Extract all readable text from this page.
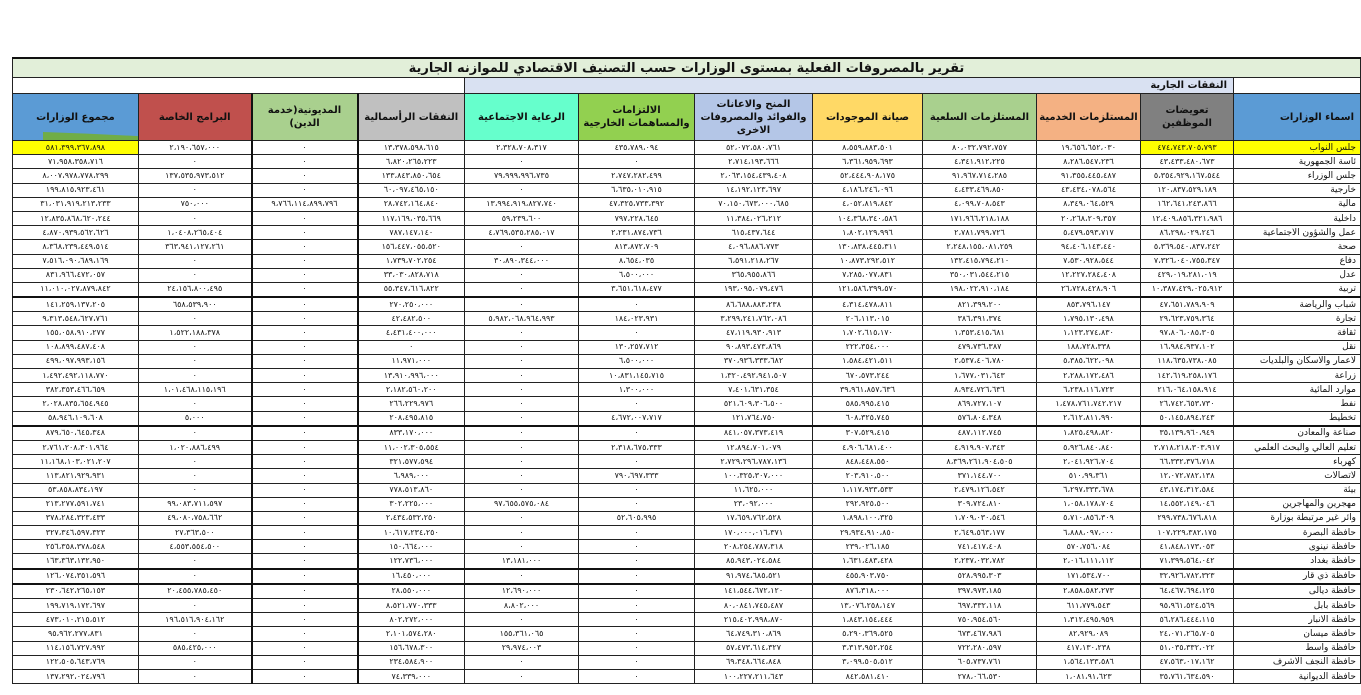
تقرير بالمصروفات الفعلية بمستوى الوزارات حسب التصنيف الاقتصادي للموازنه الجارية											
	النفقات الجارية										
اسماء الوزارات	تعويضات الموظفين	المستلزمات الخدمية	المستلزمات السلعية	صيانة الموجودات	المنح والاعانات والفوائد والمصروفات الاخرى	الالتزامات والمساهمات الخارجية	الرعاية الاجتماعية	النفقات الرأسمالية	المديونية(خدمة الدين)	البرامج الخاصة	مجموع الوزارات

جلس النواب	٤٧٤،٧٤٣،٧٠٥،٧٩٣	١٩،٦٥٦،٦٥٢،٠٣٠	٨٠،٠٣٢،٧٩٢،٧٥٧	٨،٥٥٩،٨٨٣،٥٠١	٥٢،٠٧٢،٥٨٠،٧٦١	٤٣٥،٧٨٩،٠٩٤	٢،٣٢٨،٧٠٨،٣١٧	١٣،٣٧٨،٥٩٨،٦١٥	٠	٢،١٩٠،٦٥٧،٠٠٠	٥٨١،٣٩٩،٣٦٧،٨٩٨
ئاسة الجمهورية	٤٣،٤٣٣،٤٨٠،٦٧٣	٨،٢٨٦،٥٤٧،٢٣٦	٤،٣٤١،٩١٢،٢٢٥	٦،٣٦١،٩٥٩،٦٩٣	٢،٧١٤،١٩٣،٦٦٦	٠	٠	٦،٨٢٠،٢٦٥،٢٢٣	٠	٠	٧١،٩٥٨،٣٥٨،٧١٦
جلس الوزراء	٥،٣٥٤،٩٢٩،١٦٧،٥٤٤	٩١،٣٥٥،٤٤٥،٤٨٧	٩١،٩٦٧،٧١٤،٢٨٥	٥٢،٤٤٤،٩٠٨،١٧٥	٢،٠٦٣،١٥٤،٤٣٩،٤٠٨	٢،٧٤٧،٢٨٢،٤٩٩	٧٩،٩٩٩،٩٩٦،٧٣٥	١٣٣،٨٤٣،٨٥٠،٦٥٤	٠	١٣٧،٥٣٥،٩٧٣،٥١٢	٨،٠٠٧،٩٧٨،٧٧٨،٢٩٩
خارجية	١٢٠،٨٣٧،٥٢٩،١٨٩	٤٣،٤٣٤،٠٧٨،٥٦٤	٤،٤٣٣،٤٦٩،٨٥٠	٤،١٨٦،٢٤٦،٠٩٦	١٤،١٩٢،١٢٣،٦٩٧	٦،٦٣٥،٠١٠،٩١٥	٠	٦٠،٠٩٧،٤٦٥،١٥٠	٠	٠	١٩٩،٨١٥،٩٢٣،٤٦١
مالية	١٦٢،٦٤١،٢٤٣،٨٦٦	٨،٣٤٩،٠٦٤،٥٢٩	٤،٠٩٩،٧٠٨،٥٤٣	٤،٠٥٢،٨١٩،٨٤٢	٧٠،١٥٠،٦٧٣،٠٠٠،٦٨٥	٤٧،٣٢٥،٧٣٣،٣٩٢	١٣،٩٩٤،٩١٩،٨٢٧،٧٤٠	٢٨،٧٤٢،١٦٤،٨٤٠	٩،٧٦٦،١١٤،٨٩٩،٧٩٦	٧٥٠،٠٠٠	٣١،٠٣١،٩١٩،٢١٣،٢٣٣
داخلية	١٢،٤٠٩،٨٥٦،٣٢١،٩٨٦	٢٠،٢٦٨،٢٠٩،٣٥٧	١٧١،٩٦٦،٢١٨،١٨٨	١٠٤،٣٦٨،٣٤٠،٥٨٦	١١،٣٨٤،٠٢٦،٢١٢	٧٩٧،٢٢٨،٦٤٥	٥٩،٢٣٩،٦٠٠	١١٧،١٦٩،٠٣٥،٦٦٩	٠	٠	١٢،٨٣٥،٨٦٨،٦٢٠،٢٤٤
عمل والشؤون الاجتماعية	٨٦،٢٩٨،٠٢٩،٢٤٦	٥،٤٧٩،٥٩٣،٧١٧	٢،٧٨١،٧٩٩،٧٢٦	١،٨٠٢،١٢٩،٩٩٦	٦١٥،٤٣٧،٦٤٤	٢،٢٣١،٨٧٤،٧٣٦	٤،٧٦٩،٥٣٥،٢٨٥،٠١٧	٧٨٧،١٤٧،١٤٠	٠	١،٠٤٠٨،٢٦٥،٤٠٤	٤،٨٧٠،٩٣٩،٥٦٢،٦٢٦
صحة	٥،٣٦٩،٥٤٠،٨٣٧،٢٤٢	٩٤،٤٠٦،١٤٣،٤٤٠	٢،٢٤٨،١٥٥،٠٨١،٢٥٩	١٣٠،٨٣٨،٤٤٥،٣١١	٤،٠٩٦،٨٨٦،٧٧٣	٨١٣،٨٧٢،٧٠٩	٠	١٥٦،٤٤٧،٠٥٥،٥٢٠	٠	٣٦٣،٩٤١،١٢٧،٢٦١	٨،٣٦٨،٢٣٩،٤٤٩،٥١٤
دفاع	٧،٣٢٦،٠٤٠،٧٥٥،٣٤٧	٧،٥٣٠،٩٢٨،٥٤٤	١٣٢،٤١٥،٧٩٤،٢١٠	١٠،٨٧٣،٢٩٢،٥١٢	٦،٥٩١،٢١٨،٢٦٧	٨،٦٥٤،٠٣٥	٣٠،٨٩٠،٣٤٤،٠٠٠	١،٧٣٩،٧٠٢،٢٥٤	٠	٠	٧،٥١٦،٠٩٠،٦٨٩،١٦٩
عدل	٤٢٩،٠١٩،٢٨١،٠١٩	١٢،٢٢٧،٢٨٤،٤٠٨	٣٥٠،٠٣١،٥٤٤،٢١٥	٧،٢٨٥،٠٧٧،٨٣١	٣٦٥،٩٥٥،٨٦٦	٦،٥٠٠،٠٠٠	٠	٣٣،٠٣٠،٨٢٨،٧١٨	٠	٠	٨٣١،٩٦٦،٤٧٢،٠٥٧
تربية	١٠،٣٨٧،٤٢٩،٠٢٥،٩١٢	٢٦،٧٢٨،٤٢٨،٩٠٦	١٩٨،٠٢٢،٩١٠،١٨٤	١٢١،٥٨٦،٣٩٩،٥٧٠	١٩٣،٠٩٥،٠٧٩،٤٧٦	٣،٦٥١،٦١٨،٤٧٧	٠	٥٥،٣٤٧،٦١٦،٨٢٢	٠	٢٤،١٥٦،٨٠٠،٤٩٥	١١،٠١٠،٠٢٧،٨٧٩،٨٤٢
شباب والرياضة	٤٧،٦٥١،٧٨٩،٩٠٩	٨٥٣،٧٩٦،١٤٧	٨٢١،٣٩٩،٢٠٠	٤،٣١٤،٤٧٨،٨١١	٨٦،٦٨٨،٨٨٣،٢٣٨	٠	٠	٢٧٠،٢٥٠،٠٠٠	٠	٦٥٨،٥٣٩،٩٠٠	١٤١،٢٥٩،١٣٧،٢٠٥
تجارة	٢٩،٦٢٣،٧٥٩،٣٦٤	١،٧٩٥،١٣٠،٤٩٨	٣٨٦،٣٩١،٣٧٤	٢٠٦،١١٣،٠١٥	٣،٢٩٩،٢٤١،٧٦٢،٠٨٦	١٨٤،٠٢٣،٩٣١	٥،٩٨٢،٠٦٨،٩٦٤،٩٩٣	٤٢،٤٨٢،٥٠٠	٠	٠	٩،٣١٣،٥٤٨،٦٢٧،٧٦١
ثقافة	٩٧،٨٠٦،٠٨٥،٣٠٥	١،١٢٣،٢٧٤،٨٣٠	١،٣٥٣،٤١٥،٦٨١	١،٧٠٢،٦١٥،١٧٠	٤٧،١١٩،٩٣٠،٩١٣	٠	٠	٤،٤٣١،٤٠٠،٠٠٠	٠	١،٥٢٢،١٨٨،٣٧٨	١٥٥،٠٥٨،٩١٠،٢٧٧
نقل	١٦،٩٨٤،٩٣٧،١٠٢	١٨٨،٧٢٨،٣٣٨	٤٧٩،٧٣٦،٣٨٧	٢٢٢،٣٥٤،٠٠٠	٩٠،٨٩٣،٤٧٣،٨٦٩	١٣٠،٢٥٧،٧١٢	٠	٠	٠	٠	١٠٨،٨٩٩،٤٨٧،٤٠٨
لاعمار والاسكان والبلديات	١١٨،٦٣٥،٧٣٨،٠٨٥	٥،٣٨٥،٦٢٢،٠٩٨	٢،٥٣٧،٤٠٦،٧٨٠	١،٥٨٤،٤٢١،٥١١	٣٧٠،٩٣٦،٣٣٣،٦٨٢	٦،٥٠٠،٠٠٠	٠	١١،٩٧١،٠٠٠	٠	٠	٤٩٩،٠٩٧،٩٩٣،١٥٦
زراعة	١٤٢،٦١٩،٢٥٨،١٧٦	٢،٢٨٨،١٧٢،٤٨٦	١،٦٧٧،٠٣١،٦٤٣	٦٧٠،٥٧٣،٢٤٤	١،٣٢٠،٤٩٢،٩٤١،٥٠٧	١٠،٨٣١،١٤٥،٧١٥	٠	١٣،٩١٠،٩٩٦،٠٠٠	٠	٠	١،٤٩٢،٤٩٢،١١٨،٧٧٠
موارد المائية	٢١٦،٠٦٤،١٥٨،٩١٤	٦،٢٣٨،١١٦،٧٢٣	٨،٩٣٤،٧٢٦،٦٣٦	٣٩،٩٦١،٨٥٧،٦٣٦	٧،٤٠١،٦٣١،٣٥٤	١،٣٠٠،٠٠٠	٠	٢،١٨٢،٥٦٠،٢٠٠	٠	١،٠١،٤٦٨،١١٥،١٩٦	٣٨٢،٣٥٣،٤٦٦،٦٥٩
نفط	٢٦،٧٤٢،٦٥٣،٧٣٠	١،٤٧٨،٧٦١،٧٤٢،٢١٧	٨٦٩،٧٢٧،١٠٧	٥٨٥،٩٩٥،٤١٥	٥٢١،٦٠٩،٣٠٦،٥٠٠	٠	٠	٢٦٦،٢٢٩،٩٧٦	٠	٠	٢،٠٢٨،٨٣٥،٦٥٤،٩٤٥
تخطيط	٥٠،١٤٥،٨٩٤،٢٤٣	٢،٦١٢،٨١١،٩٩٠	٥٧٦،٨٠٤،٣٤٨	٦٠٨،٣٢٥،٧٤٥	١٢١،٧٦٤،٧٥٠	٤،٦٧٢،٠٠٧،٧١٧	٠	٢٠٨،٤٩٥،٨١٥	٠	٥،٠٠٠	٥٨،٩٤٦،١٠٩،٦٠٨
صناعة والمعادن	٣٥،١٣٩،٩٦٠،٩٤٩	١،٨٢٥،٤٩٨،٨٢٠	٤٨٧،١١٢،٧٤٥	٣٠٧،٥٢٩،٤١٥	٨٤١،٠٥٧،٣٧٣،٤١٩	٠	٠	٨٣٣،١٧٠،٠٠٠	٠	٠	٨٧٩،٦٥٠،٦٤٥،٣٤٨
تعليم العالي والبحث العلمي	٢،٧١٨،٢١٨،٣٠٣،٩١٧	٥،٩٢٦،٨٤٠،٨٤٠	٤،٩١٩،٩٠٧،٣٤٣	٤،٩٠٦،٦٨١،٤٠٠	١٢،٨٩٤،٧٠١،٠٧٩	٢،٣١٨،٦٧٥،٣٣٣	٠	١١،٠٠٢،٣٠٥،٥٥٤	٠	١،٠٢٠،٨٨٦،٤٩٩	٢،٧٦١،٢٠٨،٣٠١،٩٦٤
كهرباء	٦٦،٣٣٢،٣٧٦،٧١٨	٢،٠٤١،٩٢٦،٧٠٤	٨،٣٦٩،٢٦١،٩٠٤،٥٠٥	٨٤٨،٤٤٨،٥٥٠	٢،٧٢٩،٢٩٦،٧٨٧،١٣٦	٠	٠	٣٢١،٥٧٧،٥٩٤	٠	٠	١١،١٦٨،١٠٣،٠٢١،٢٠٧
لاتصالات	١٢،٠٧٢،٧٨٢،١٣٨	٥١٠،٩٩،٣٦١	٣٧١،١٤٤،٧٠٠	٢٠٣،٩١٠،٥٠٠	١٠٠،٣٢٥،٣٠٧،٠٠٠	٧٩٠،٦٩٧،٣٣٣	٠	٦،٩٨٩،٠٠٠	٠	٠	١١٣،٨٢١،٩٢٩،٩٣١
بيئة	٤٣،١٧٤،٣١٢،٥٨٤	٦،٢٩٧،٣٣٣،٦٧٨	٢،٤٧٩،١٢٦،٥٤٢	١،١١٧،٩٣٣،٥٣٣	١١،٦٢٥،٠٠٠	٠	٠	٧٧٨،٥١٣،٨٦٠	٠	٠	٥٣،٨٥٨،٨٣٤،١٩٧
مهجرين والمهاجرين	١٤،٥٥٢،١٤٩،٠٤٦	١،٠٥٨،١٧٨،٧٠٤	٣٠٩،٧٢٤،٨١٠	٢٩٢،٩٢٥،٥٠٠	٢٣،٠٩٢،٠٠٠	٠	٩٧،٦٥٥،٥٧٥،٠٨٤	٣٠٢،٢٢٥،٠٠٠	٠	٩٩،٠٨٣،٧١١،٥٩٧	٢١٣،٢٧٧،٥٩١،٧٤١
وائر غير مرتبطة بوزارة	٢٩٩،٧٣٨،٦٧٦،٨١٨	٥،٧١٠،٨٥٦،٣٠٩	١،٧٠٩،٠٣٠،٥٤٦	١،٨٩٨،١٠٠،٣٢٥	١٧،٦٥٩،٧٦٢،٥٢٨	٥٢،٦٠٥،٩٩٥	٠	٢،٤٣٤،٥٣٢،٢٥٠	٠	٤٩،٠٨٠،٧٥٨،٦٦٢	٣٧٨،٢٨٤،٣٢٣،٤٣٣
حافظة البصرة	١٠٧،٢٢٩،٣٨٢،١٧٥	٦،٨٨٨،٠٩٧،٠٠٠	٢،٦٤٩،٥٦٣،١٧٧	٢٩،٩٣٤،٩١٠،٨٥٠	١٧٠،٠٠٠،٠١٦،٣٧١	٠	٠	١٠،٦١٧،٢٣٤،٢٥٠	٠	٢٧،٣٦٣،٥٠٠	٣٢٧،٣٤٦،٥٩٧،٣٢٣
حافظة نينوى	٤١،٨٤٨،١٧٣،٠٥٣	٥٧٠،٧٥٦،٠٨٤	٧٤١،٤١٧،٤٠٨	٢٣٩،٠٢٦،١٨٥	٢٠٨،٢٥٤،٧٨٧،٣١٨	٠	٠	١٥٠،٦٦٤،٠٠٠	٠	٤،٥٥٣،٥٥٤،٥٠٠	٢٥٦،٣٥٨،٣٧٨،٥٤٨
حافظة بغداد	٧١،٣٩٩،٥٦٤،٠٤٢	٢،٠١٦،١١١،١١٢	٢،٢٣٧،٠٣٢،٧٨٢	١،٦٣١،٤٨٣،٤٢٨	٨٥،٩٤٣،٠٢٤،٥٨٤	٠	١٣،١٨١،٠٠٠	١٢٢،٧٣٦،٠٠٠	٠	٠	١٦٣،٣٦٣،١٣٢،٩٥٠
حافظة ذي قار	٣٢،٩٢٦،٧٨٢،٣٢٣	١٧١،٥٣٤،٧٠٠	٥٢٨،٩٩٥،٣٠٣	٤٥٥،٩٠٣،٧٥٠	٩١،٩٧٤،٦٨٥،٥٢١	٠	٠	١٦،٤٥٠،٠٠٠	٠	٠	١٢٦،٠٧٤،٣٥١،٥٩٦
حافظة ديالى	٦٤،٤٦٧،٦٩٤،١٢٥	٢،٨٥٨،٥٨٢،٢٧٣	٣٩٧،٩٧٣،١٨٥	٨٧٦،٣١٨،٠٠٠	١٤١،٥٤٤،٦٧٢،١٢٠	٠	١٢،٦٩٠،٠٠٠	٢٨،٥٥٠،٠٠٠	٠	٢٠،٤٥٥،٧٨٥،٤٥٠	٢٣٠،٦٤٢،٢٦٥،١٥٣
حافظة بابل	٩٥،٩٦١،٥٢٤،٥٦٩	٦١١،٧٧٩،٥٤٣	٦٩٧،٣٣٢،١١٨	١٣،٠٧٦،٢٥٨،١٤٧	٨٠،٠٨٤١،٧٤٥،٤٨٧	٠	٨،٨٠٢،٠٠٠	٨،٥٢١،٧٧٠،٣٣٣	٠	٠	١٩٩،٧١٩،١٧٢،٦٩٧
حافظة الانبار	٥٦،٢٨٦،٤٤٤،١١٥	١،٣١٢،٤٩٥،٩٥٩	٧٥٠،٩٥٤،٥٦٠	١،٨٤٣،١٥٤،٤٤٤	٢١٥،٤٠٢،٩٩٨،٨٧٠	٠	٠	٨٠٢،٢٧٢،٠٠٠	٠	١٩٦،٥١٦،٩٠٤،١٦٢	٤٧٣،٠١٠،٢١٥،٥١٢
حافظة ميسان	٢٤،٠٧١،٢٦٥،٧٠٥	٨٢،٩٢٩،٠٨٩	٦٧٣،٤٦٧،٩٨٦	٥،٢٩٠،٣٦٩،٥٢٥	٦٤،٧٤٩،٣١٠،٨٦٩	٠	١٥٥،٣٦١،٠٦٥	٢،١٠١،٥٧٤،٢٨٠	٠	٠	٩٥،٩٦٢،٢٧٧،٨٣١
حافظة واسط	٥١،٠٣٥،٣٣٢،٠٢٢	٤١٧،١٣٠،٢٣٨	٧٢٢،٢٨٠،٥٩٧	٣،٣١٣،٩٥٢،٢٥٤	٥٧،٤٧٣،٦١٤،٣٢٧	٠	٢٩،٩٧٤،٠٠٣	١٥٦،٦٧٨،٣٠٠	٠	٥٨٥،٤٢٥،٠٠٠	١١٤،١٥٦،٧٢٧،٩٩٢
حافظة النجف الاشرف	٤٧،٥٦٣،٠١٧،١٦٢	١،٥٦٤،١٣٣،٥٨٦	٦٠٥،٧٣٧،٧٦١	٣،٠٩٩،٥٠٥،٥١٢	٦٩،٣٤٨،٦٦٤،٨٤٨	٠	٠	٢٣٤،٥٨٤،٩٠٠	٠	٠	١٢٢،٥٠٥،٦٤٣،٧٦٩
حافظة الديوانية	٣٥،٧٦١،٦٣٤،٥٩٠	١،٠٨١،٩١،٦٢٣	٢٧٨،٠٦٦،٥٣٠	٨٤٢،٥٨١،٤١٠	١٠٠،٢٢٧،٢١١،٦٤٣	٠	٠	٧٤،٣٣٩،٠٠٠	٠	٠	١٣٧،٢٩٢،٠٢٤،٧٩٦
